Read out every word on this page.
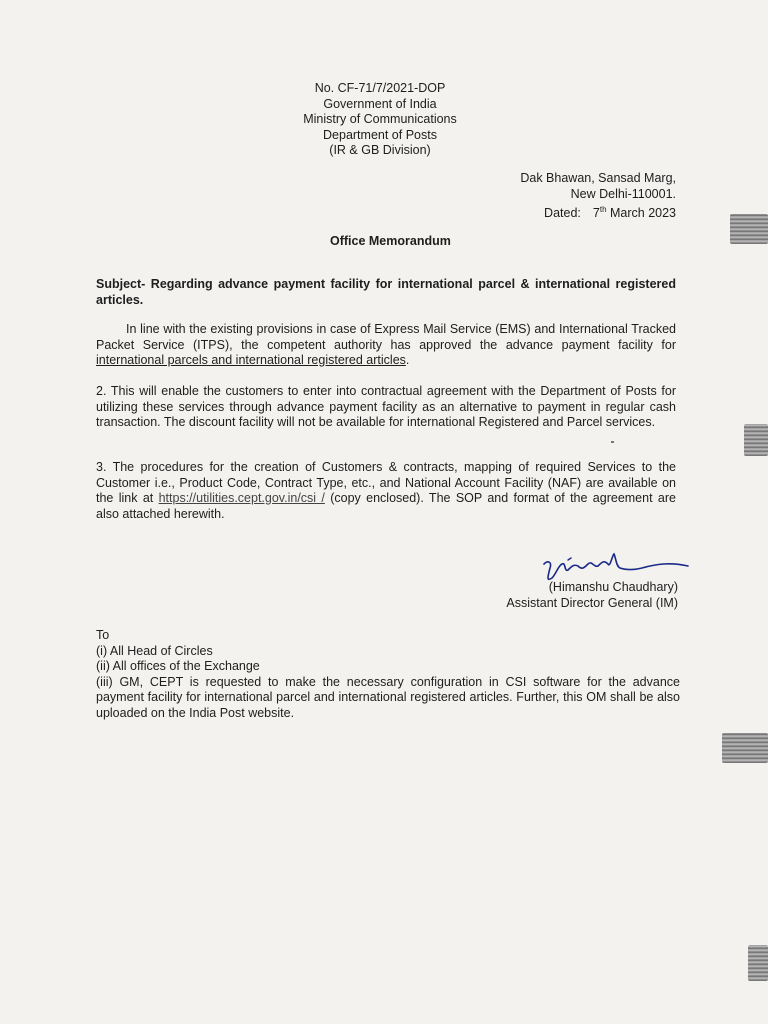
No. CF-71/7/2021-DOP
Government of India
Ministry of Communications
Department of Posts
(IR & GB Division)
Dak Bhawan, Sansad Marg,
New Delhi-110001.
Dated: 7th March 2023
Office Memorandum
Subject- Regarding advance payment facility for international parcel & international registered articles.
In line with the existing provisions in case of Express Mail Service (EMS) and International Tracked Packet Service (ITPS), the competent authority has approved the advance payment facility for international parcels and international registered articles.
2. This will enable the customers to enter into contractual agreement with the Department of Posts for utilizing these services through advance payment facility as an alternative to payment in regular cash transaction. The discount facility will not be available for international Registered and Parcel services.
3. The procedures for the creation of Customers & contracts, mapping of required Services to the Customer i.e., Product Code, Contract Type, etc., and National Account Facility (NAF) are available on the link at https://utilities.cept.gov.in/csi / (copy enclosed). The SOP and format of the agreement are also attached herewith.
(Himanshu Chaudhary)
Assistant Director General (IM)
To
(i) All Head of Circles
(ii) All offices of the Exchange
(iii) GM, CEPT is requested to make the necessary configuration in CSI software for the advance payment facility for international parcel and international registered articles. Further, this OM shall be also uploaded on the India Post website.
